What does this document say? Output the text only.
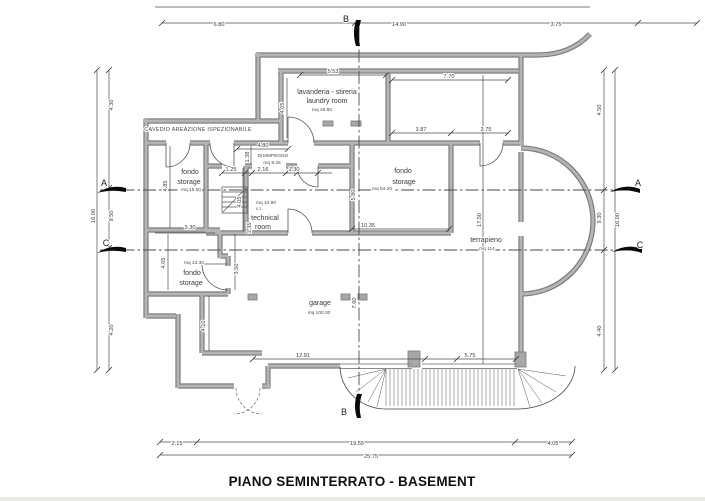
B
A
C
A
C
B
6.80	14.90	3.75
16.00
4.30
9.50
4.20
4.50
9.30
4.40
16.00
2.15	19.55	4.05
25.75
CAVEDIO AREAZIONE ISPEZIONABILE
lavanderia - stireria
laundry room
mq 26.80
5.53
4.05
7.70
3.87	3.75
DISIMPEGNO
mq 9.25
4.80
1.38
1.25	2.16	1.30
fondo
storage
mq 15.50
4.85
4.05	mq 10.90
c.t.
technical
room
1.35
fondo
storage
mq 54.20
5.80
10.35	17.50
terrapieno
mq 114
3.30
4.05
3.50
mq 13.30
fondo
storage
4.10
garage
mq 100.30
7.60
12.91	5.75
PIANO SEMINTERRATO - BASEMENT
